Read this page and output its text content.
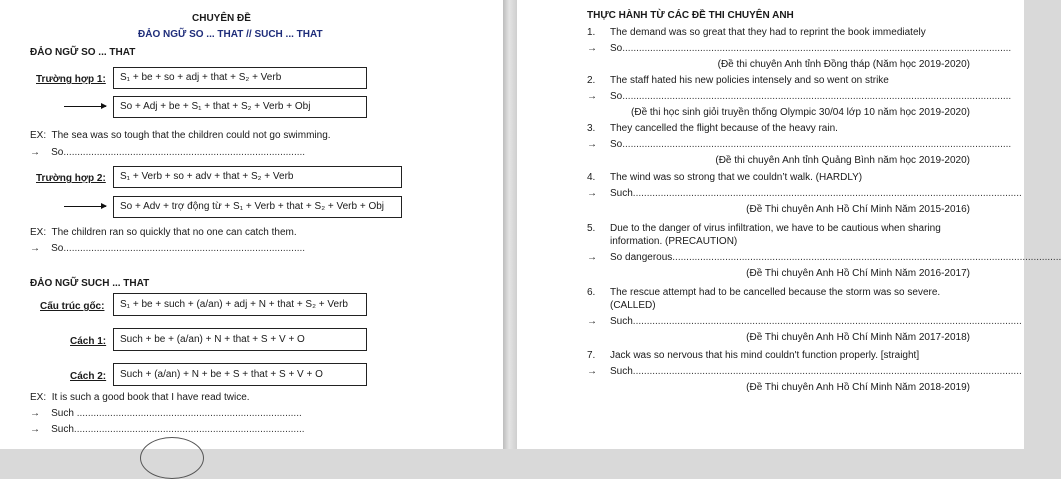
CHUYÊN ĐỀ
ĐẢO NGỮ SO ... THAT // SUCH ... THAT
ĐẢO NGỮ SO ... THAT
Trường hợp 1: S₁ + be + so + adj + that + S₂ + Verb
So + Adj + be + S₁ + that + S₂ + Verb + Obj
EX: The sea was so tough that the children could not go swimming.
→ So.......................................................................................
Trường hợp 2: S₁ + Verb + so + adv + that + S₂ + Verb
So + Adv + trợ động từ + S₁ + Verb + that + S₂ + Verb + Obj
EX: The children ran so quickly that no one can catch them.
→ So.......................................................................................
ĐẢO NGỮ SUCH ... THAT
Cấu trúc gốc: S₁ + be + such + (a/an) + adj + N + that + S₂ + Verb
Cách 1: Such + be + (a/an) + N + that + S + V + O
Cách 2: Such + (a/an) + N + be + S + that + S + V + O
EX: It is such a good book that I have read twice.
→ Such .................................................................................
→ Such...................................................................................
THỰC HÀNH TỪ CÁC ĐỀ THI CHUYÊN ANH
1. The demand was so great that they had to reprint the book immediately
→ So............................................................................................................................................
(Đề thi chuyên Anh tỉnh Đồng tháp (Năm học 2019-2020)
2. The staff hated his new policies intensely and so went on strike
→ So............................................................................................................................................
(Đề thi học sinh giỏi truyền thống Olympic 30/04 lớp 10 năm học 2019-2020)
3. They cancelled the flight because of the heavy rain.
→ So............................................................................................................................................
(Đề thi chuyên Anh tỉnh Quảng Bình năm học 2019-2020)
4. The wind was so strong that we couldn’t walk. (HARDLY)
→ Such............................................................................................................................................
(Đề Thi chuyên Anh Hồ Chí Minh Năm 2015-2016)
5. Due to the danger of virus infiltration, we have to be cautious when sharing
information. (PRECAUTION)
→ So dangerous............................................................................................................................................
(Đề Thi chuyên Anh Hồ Chí Minh Năm 2016-2017)
6. The rescue attempt had to be cancelled because the storm was so severe.
(CALLED)
→ Such............................................................................................................................................
(Đề Thi chuyên Anh Hồ Chí Minh Năm 2017-2018)
7. Jack was so nervous that his mind couldn't function properly. [straight]
→ Such............................................................................................................................................
(Đề Thi chuyên Anh Hồ Chí Minh Năm 2018-2019)
